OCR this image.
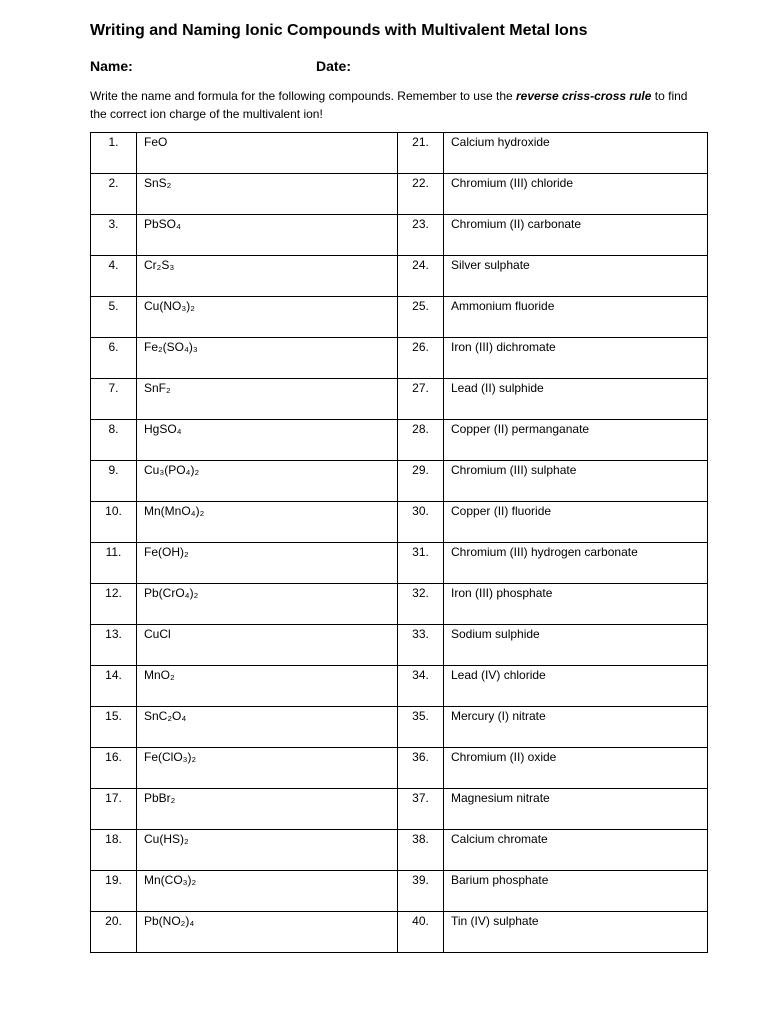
Writing and Naming Ionic Compounds with Multivalent Metal Ions
Name:	Date:
Write the name and formula for the following compounds. Remember to use the reverse criss-cross rule to find the correct ion charge of the multivalent ion!
1.	FeO	21.	Calcium hydroxide
2.	SnS₂	22.	Chromium (III) chloride
3.	PbSO₄	23.	Chromium (II) carbonate
4.	Cr₂S₃	24.	Silver sulphate
5.	Cu(NO₃)₂	25.	Ammonium fluoride
6.	Fe₂(SO₄)₃	26.	Iron (III) dichromate
7.	SnF₂	27.	Lead (II) sulphide
8.	HgSO₄	28.	Copper (II) permanganate
9.	Cu₃(PO₄)₂	29.	Chromium (III) sulphate
10.	Mn(MnO₄)₂	30.	Copper (II) fluoride
11.	Fe(OH)₂	31.	Chromium (III) hydrogen carbonate
12.	Pb(CrO₄)₂	32.	Iron (III) phosphate
13.	CuCl	33.	Sodium sulphide
14.	MnO₂	34.	Lead (IV) chloride
15.	SnC₂O₄	35.	Mercury (I) nitrate
16.	Fe(ClO₃)₂	36.	Chromium (II) oxide
17.	PbBr₂	37.	Magnesium nitrate
18.	Cu(HS)₂	38.	Calcium chromate
19.	Mn(CO₃)₂	39.	Barium phosphate
20.	Pb(NO₂)₄	40.	Tin (IV) sulphate
